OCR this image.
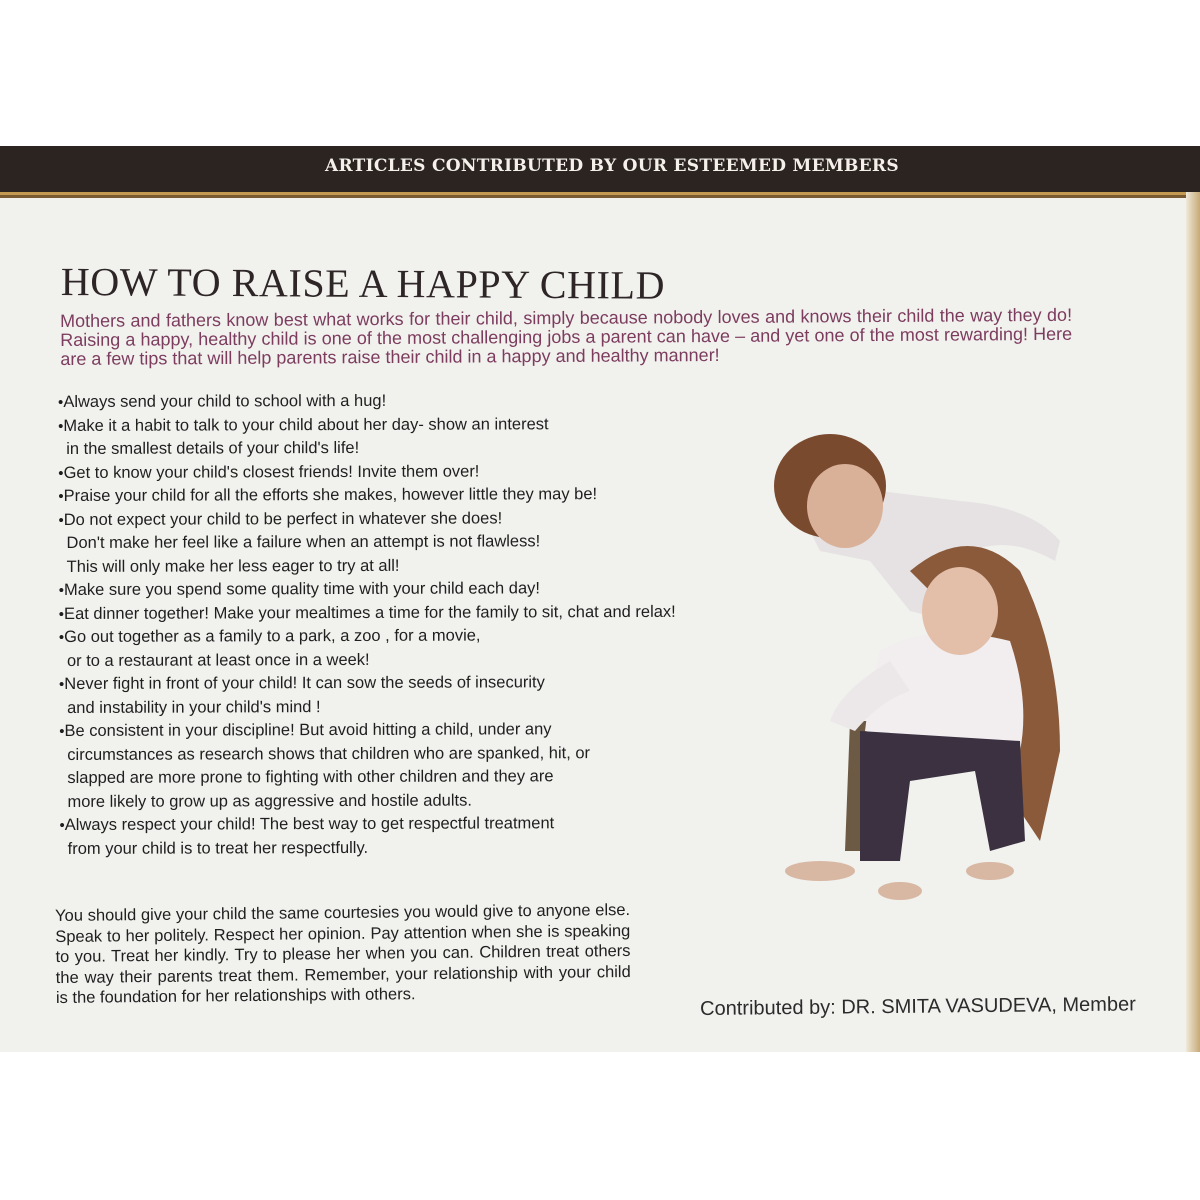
ARTICLES CONTRIBUTED BY OUR ESTEEMED MEMBERS
HOW TO RAISE A HAPPY CHILD
Mothers and fathers know best what works for their child, simply because nobody loves and knows their child the way they do! Raising a happy, healthy child is one of the most challenging jobs a parent can have – and yet one of the most rewarding! Here are a few tips that will help parents raise their child in a happy and healthy manner!
•Always send your child to school with a hug!
•Make it a habit to talk to your child about her day- show an interest
in the smallest details of your child's life!
•Get to know your child's closest friends! Invite them over!
•Praise your child for all the efforts she makes, however little they may be!
•Do not expect your child to be perfect in whatever she does!
Don't make her feel like a failure when an attempt is not flawless!
This will only make her less eager to try at all!
•Make sure you spend some quality time with your child each day!
•Eat dinner together! Make your mealtimes a time for the family to sit, chat and relax!
•Go out together as a family to a park, a zoo , for a movie,
or to a restaurant at least once in a week!
•Never fight in front of your child! It can sow the seeds of insecurity
and instability in your child's mind !
•Be consistent in your discipline! But avoid hitting a child, under any
circumstances as research shows that children who are spanked, hit, or
slapped are more prone to fighting with other children and they are
more likely to grow up as aggressive and hostile adults.
•Always respect your child! The best way to get respectful treatment
from your child is to treat her respectfully.
You should give your child the same courtesies you would give to anyone else. Speak to her politely. Respect her opinion. Pay attention when she is speaking to you. Treat her kindly. Try to please her when you can. Children treat others the way their parents treat them. Remember, your relationship with your child is the foundation for her relationships with others.	Contributed by: DR. SMITA VASUDEVA, Member
